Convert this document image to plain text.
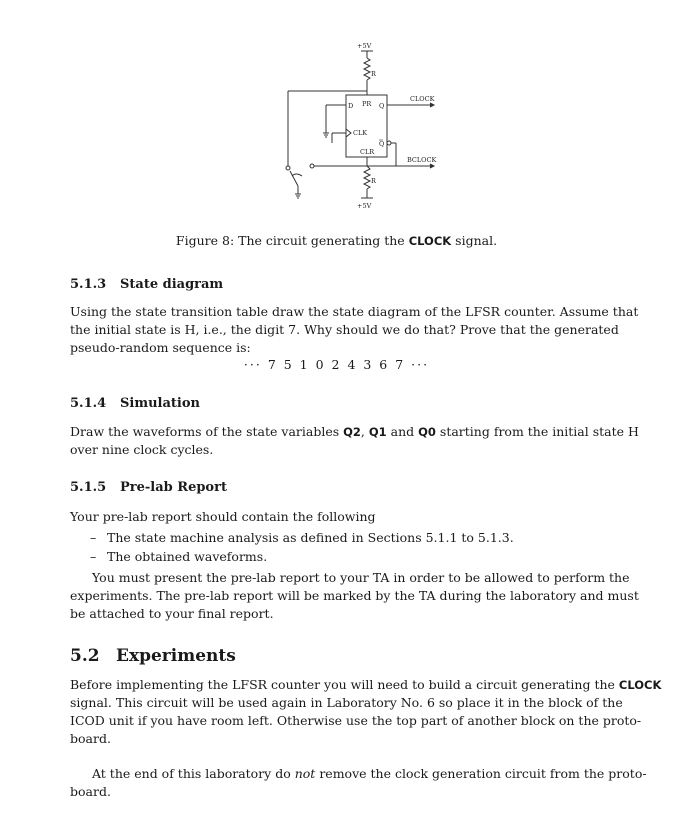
+5V
R
D PR Q
CLK
Q
CLR
CLOCK
BCLOCK
R
+5V
Figure 8: The circuit generating the CLOCK signal.
5.1.3 State diagram
Using the state transition table draw the state diagram of the LFSR counter. Assume that
the initial state is H, i.e., the digit 7. Why should we do that? Prove that the generated
pseudo-random sequence is:
··· 7 5 1 0 2 4 3 6 7 ···
5.1.4 Simulation
Draw the waveforms of the state variables Q2, Q1 and Q0 starting from the initial state H
over nine clock cycles.
5.1.5 Pre-lab Report
Your pre-lab report should contain the following
– The state machine analysis as defined in Sections 5.1.1 to 5.1.3.
– The obtained waveforms.
You must present the pre-lab report to your TA in order to be allowed to perform the
experiments. The pre-lab report will be marked by the TA during the laboratory and must
be attached to your final report.
5.2 Experiments
Before implementing the LFSR counter you will need to build a circuit generating the CLOCK
signal. This circuit will be used again in Laboratory No. 6 so place it in the block of the
ICOD unit if you have room left. Otherwise use the top part of another block on the proto-
board.
At the end of this laboratory do not remove the clock generation circuit from the proto-
board.
